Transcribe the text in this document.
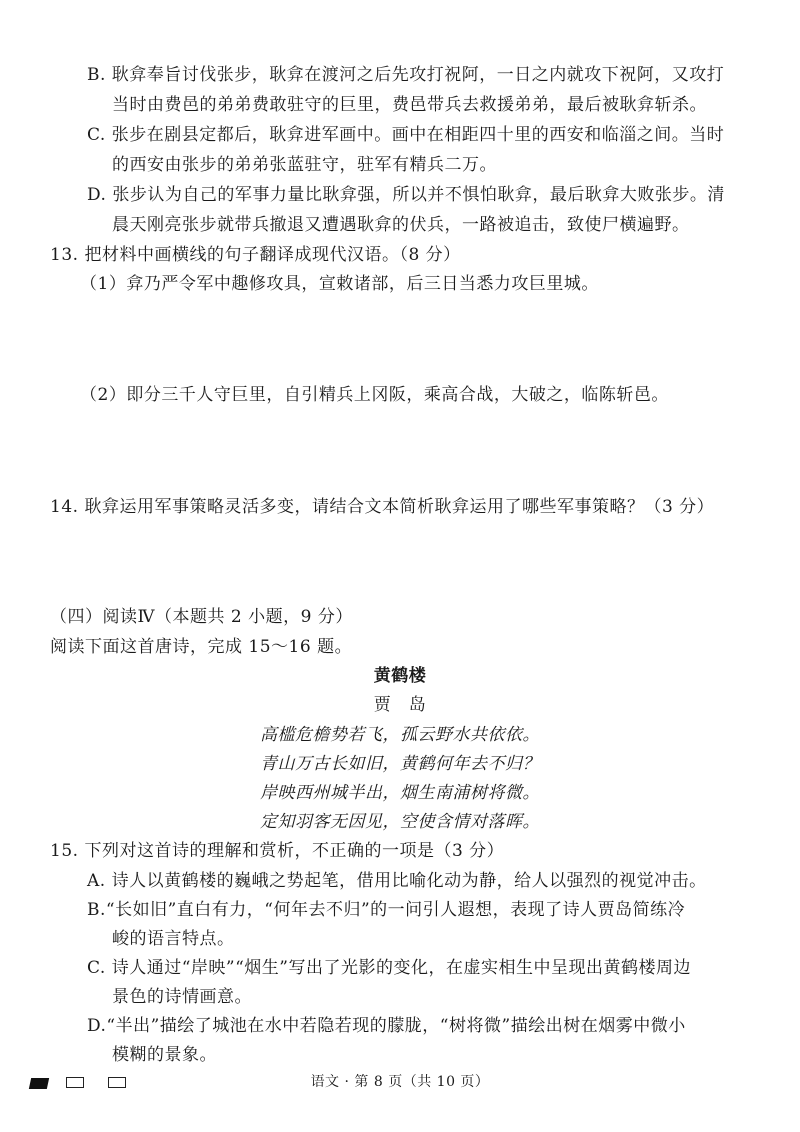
B. 耿弇奉旨讨伐张步，耿弇在渡河之后先攻打祝阿，一日之内就攻下祝阿，又攻打
当时由费邑的弟弟费敢驻守的巨里，费邑带兵去救援弟弟，最后被耿弇斩杀。
C. 张步在剧县定都后，耿弇进军画中。画中在相距四十里的西安和临淄之间。当时
的西安由张步的弟弟张蓝驻守，驻军有精兵二万。
D. 张步认为自己的军事力量比耿弇强，所以并不惧怕耿弇，最后耿弇大败张步。清
晨天刚亮张步就带兵撤退又遭遇耿弇的伏兵，一路被追击，致使尸横遍野。
13. 把材料中画横线的句子翻译成现代汉语。（8 分）
（1）弇乃严令军中趣修攻具，宣敕诸部，后三日当悉力攻巨里城。
（2）即分三千人守巨里，自引精兵上冈阪，乘高合战，大破之，临陈斩邑。
14. 耿弇运用军事策略灵活多变，请结合文本简析耿弇运用了哪些军事策略？（3 分）
（四）阅读Ⅳ（本题共 2 小题，9 分）
阅读下面这首唐诗，完成 15～16 题。
黄鹤楼
贾　岛
高槛危檐势若飞，孤云野水共依依。
青山万古长如旧，黄鹤何年去不归？
岸映西州城半出，烟生南浦树将微。
定知羽客无因见，空使含情对落晖。
15. 下列对这首诗的理解和赏析，不正确的一项是（3 分）
A. 诗人以黄鹤楼的巍峨之势起笔，借用比喻化动为静，给人以强烈的视觉冲击。
B.“长如旧”直白有力，“何年去不归”的一问引人遐想，表现了诗人贾岛简练冷
峻的语言特点。
C. 诗人通过“岸映”“烟生”写出了光影的变化，在虚实相生中呈现出黄鹤楼周边
景色的诗情画意。
D.“半出”描绘了城池在水中若隐若现的朦胧，“树将微”描绘出树在烟雾中微小
模糊的景象。
语文 · 第 8 页（共 10 页）
